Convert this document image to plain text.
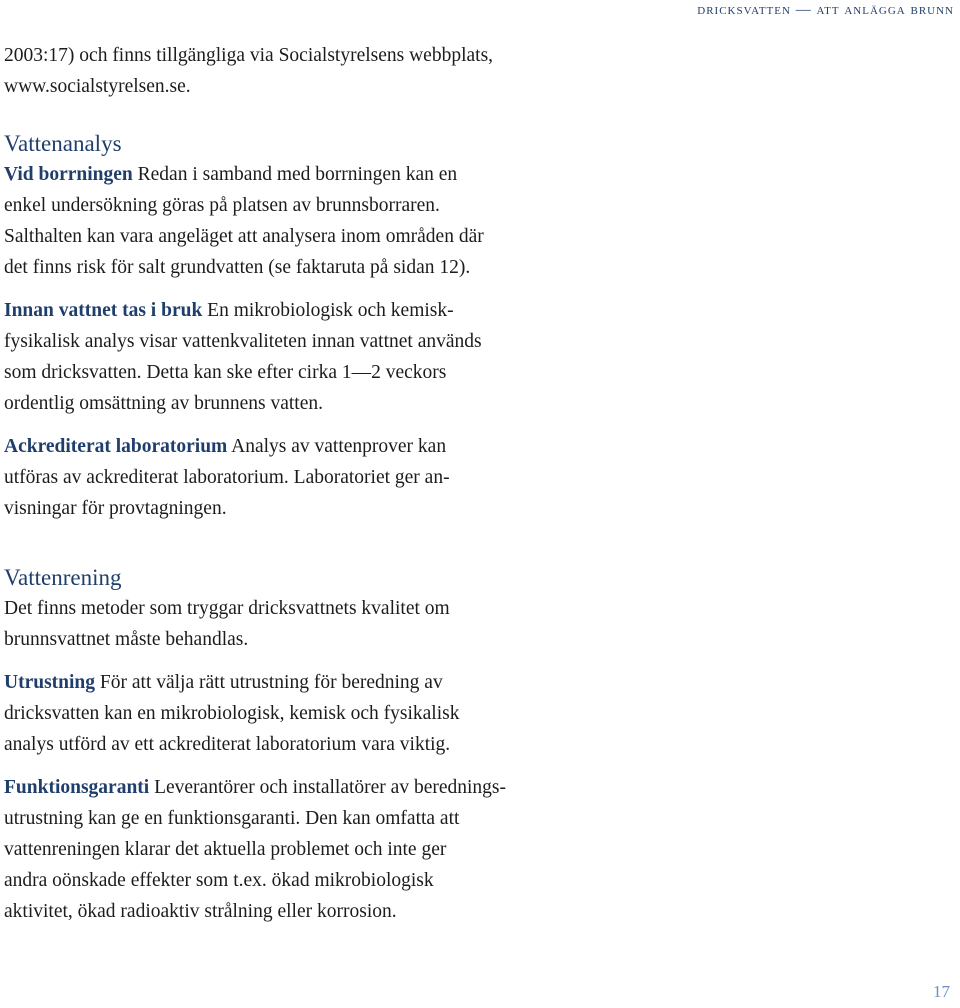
dricksvatten — att anlägga brunn

2003:17) och finns tillgängliga via Socialstyrelsens webbplats,
www.socialstyrelsen.se.

Vattenanalys

Vid borrningen Redan i samband med borrningen kan en
enkel undersökning göras på platsen av brunnsborraren.
Salthalten kan vara angeläget att analysera inom områden där
det finns risk för salt grundvatten (se faktaruta på sidan 12).

Innan vattnet tas i bruk En mikrobiologisk och kemisk-
fysikalisk analys visar vattenkvaliteten innan vattnet används
som dricksvatten. Detta kan ske efter cirka 1—2 veckors
ordentlig omsättning av brunnens vatten.

Ackrediterat laboratorium Analys av vattenprover kan
utföras av ackrediterat laboratorium. Laboratoriet ger an-
visningar för provtagningen.

Vattenrening

Det finns metoder som tryggar dricksvattnets kvalitet om
brunnsvattnet måste behandlas.

Utrustning För att välja rätt utrustning för beredning av
dricksvatten kan en mikrobiologisk, kemisk och fysikalisk
analys utförd av ett ackrediterat laboratorium vara viktig.

Funktionsgaranti Leverantörer och installatörer av berednings-
utrustning kan ge en funktionsgaranti. Den kan omfatta att
vattenreningen klarar det aktuella problemet och inte ger
andra oönskade effekter som t.ex. ökad mikrobiologisk
aktivitet, ökad radioaktiv strålning eller korrosion.

17
